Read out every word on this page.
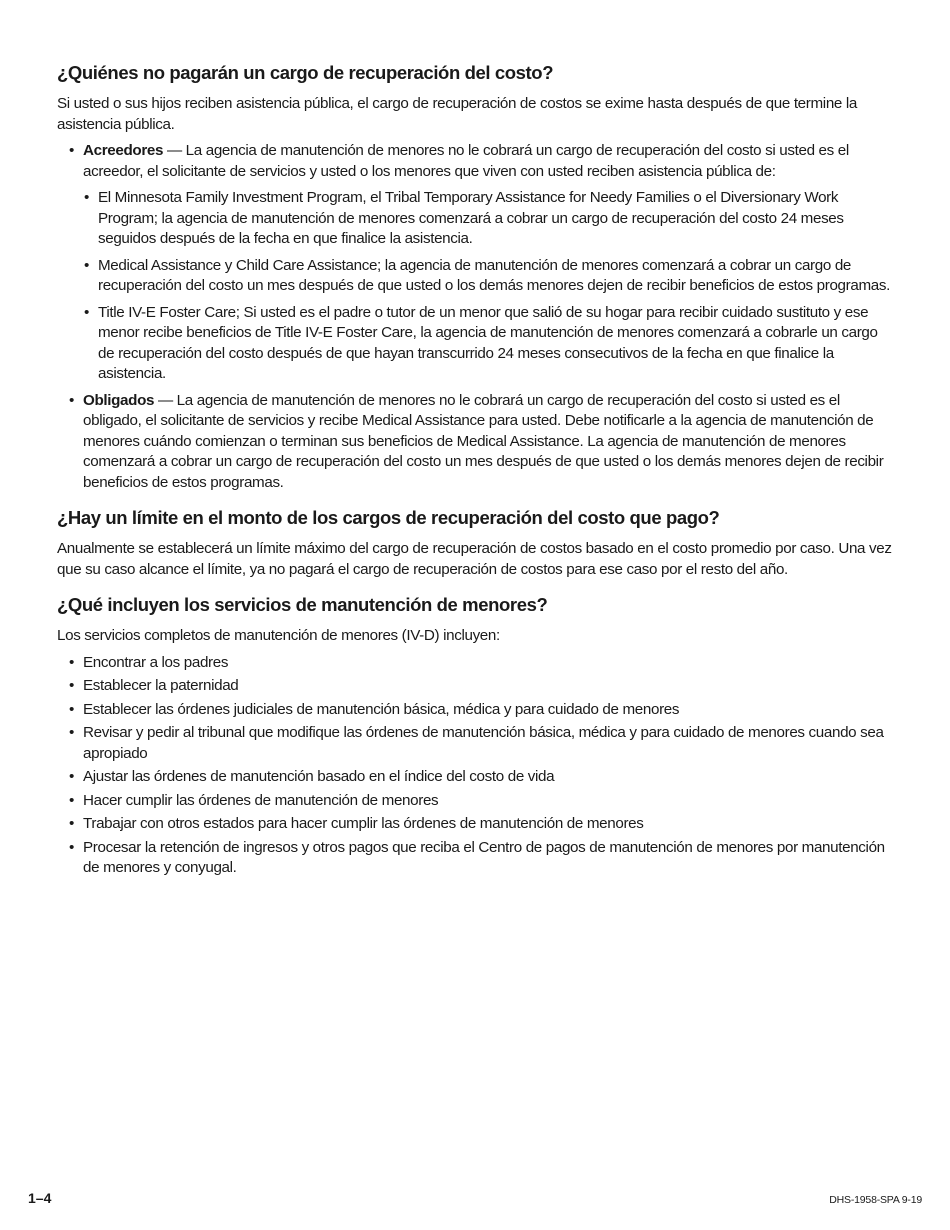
¿Quiénes no pagarán un cargo de recuperación del costo?

Si usted o sus hijos reciben asistencia pública, el cargo de recuperación de costos se exime hasta después de que termine la asistencia pública.

• Acreedores — La agencia de manutención de menores no le cobrará un cargo de recuperación del costo si usted es el acreedor, el solicitante de servicios y usted o los menores que viven con usted reciben asistencia pública de:
• El Minnesota Family Investment Program, el Tribal Temporary Assistance for Needy Families o el Diversionary Work Program; la agencia de manutención de menores comenzará a cobrar un cargo de recuperación del costo 24 meses seguidos después de la fecha en que finalice la asistencia.
• Medical Assistance y Child Care Assistance; la agencia de manutención de menores comenzará a cobrar un cargo de recuperación del costo un mes después de que usted o los demás menores dejen de recibir beneficios de estos programas.
• Title IV-E Foster Care; Si usted es el padre o tutor de un menor que salió de su hogar para recibir cuidado sustituto y ese menor recibe beneficios de Title IV-E Foster Care, la agencia de manutención de menores comenzará a cobrarle un cargo de recuperación del costo después de que hayan transcurrido 24 meses consecutivos de la fecha en que finalice la asistencia.
• Obligados — La agencia de manutención de menores no le cobrará un cargo de recuperación del costo si usted es el obligado, el solicitante de servicios y recibe Medical Assistance para usted. Debe notificarle a la agencia de manutención de menores cuándo comienzan o terminan sus beneficios de Medical Assistance. La agencia de manutención de menores comenzará a cobrar un cargo de recuperación del costo un mes después de que usted o los demás menores dejen de recibir beneficios de estos programas.
¿Hay un límite en el monto de los cargos de recuperación del costo que pago?

Anualmente se establecerá un límite máximo del cargo de recuperación de costos basado en el costo promedio por caso. Una vez que su caso alcance el límite, ya no pagará el cargo de recuperación de costos para ese caso por el resto del año.

¿Qué incluyen los servicios de manutención de menores?

Los servicios completos de manutención de menores (IV-D) incluyen:

• Encontrar a los padres
• Establecer la paternidad
• Establecer las órdenes judiciales de manutención básica, médica y para cuidado de menores
• Revisar y pedir al tribunal que modifique las órdenes de manutención básica, médica y para cuidado de menores cuando sea apropiado
• Ajustar las órdenes de manutención basado en el índice del costo de vida
• Hacer cumplir las órdenes de manutención de menores
• Trabajar con otros estados para hacer cumplir las órdenes de manutención de menores
• Procesar la retención de ingresos y otros pagos que reciba el Centro de pagos de manutención de menores por manutención de menores y conyugal.
1–4	DHS-1958-SPA 9-19
